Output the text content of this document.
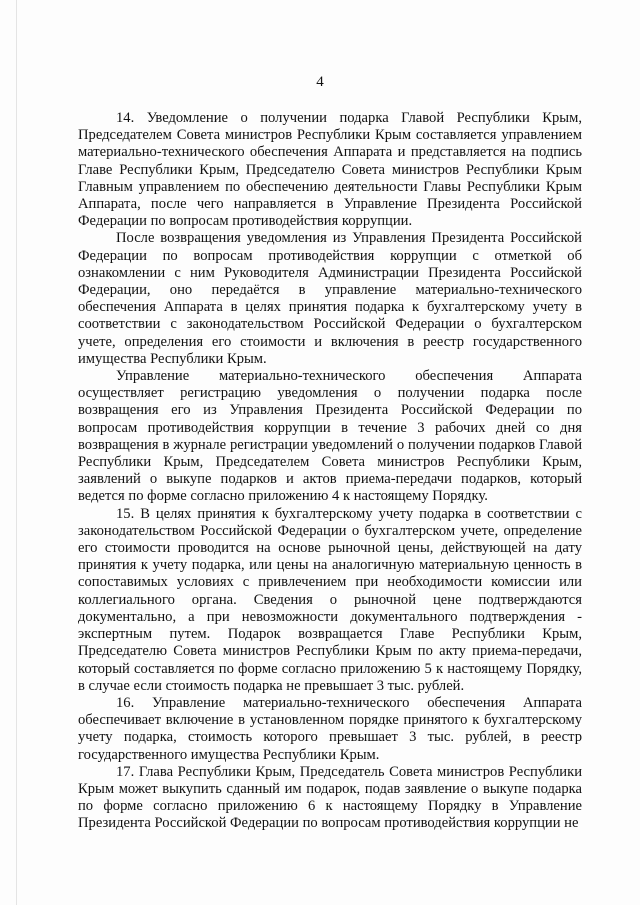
4

14. Уведомление о получении подарка Главой Республики Крым, Председателем Совета министров Республики Крым составляется управлением материально-технического обеспечения Аппарата и представляется на подпись Главе Республики Крым, Председателю Совета министров Республики Крым Главным управлением по обеспечению деятельности Главы Республики Крым Аппарата, после чего направляется в Управление Президента Российской Федерации по вопросам противодействия коррупции.

После возвращения уведомления из Управления Президента Российской Федерации по вопросам противодействия коррупции с отметкой об ознакомлении с ним Руководителя Администрации Президента Российской Федерации, оно передаётся в управление материально-технического обеспечения Аппарата в целях принятия подарка к бухгалтерскому учету в соответствии с законодательством Российской Федерации о бухгалтерском учете, определения его стоимости и включения в реестр государственного имущества Республики Крым.

Управление материально-технического обеспечения Аппарата осуществляет регистрацию уведомления о получении подарка после возвращения его из Управления Президента Российской Федерации по вопросам противодействия коррупции в течение 3 рабочих дней со дня возвращения в журнале регистрации уведомлений о получении подарков Главой Республики Крым, Председателем Совета министров Республики Крым, заявлений о выкупе подарков и актов приема-передачи подарков, который ведется по форме согласно приложению 4 к настоящему Порядку.

15. В целях принятия к бухгалтерскому учету подарка в соответствии с законодательством Российской Федерации о бухгалтерском учете, определение его стоимости проводится на основе рыночной цены, действующей на дату принятия к учету подарка, или цены на аналогичную материальную ценность в сопоставимых условиях с привлечением при необходимости комиссии или коллегиального органа. Сведения о рыночной цене подтверждаются документально, а при невозможности документального подтверждения - экспертным путем. Подарок возвращается Главе Республики Крым, Председателю Совета министров Республики Крым по акту приема-передачи, который составляется по форме согласно приложению 5 к настоящему Порядку, в случае если стоимость подарка не превышает 3 тыс. рублей.

16. Управление материально-технического обеспечения Аппарата обеспечивает включение в установленном порядке принятого к бухгалтерскому учету подарка, стоимость которого превышает 3 тыс. рублей, в реестр государственного имущества Республики Крым.

17. Глава Республики Крым, Председатель Совета министров Республики Крым может выкупить сданный им подарок, подав заявление о выкупе подарка по форме согласно приложению 6 к настоящему Порядку в Управление Президента Российской Федерации по вопросам противодействия коррупции не
